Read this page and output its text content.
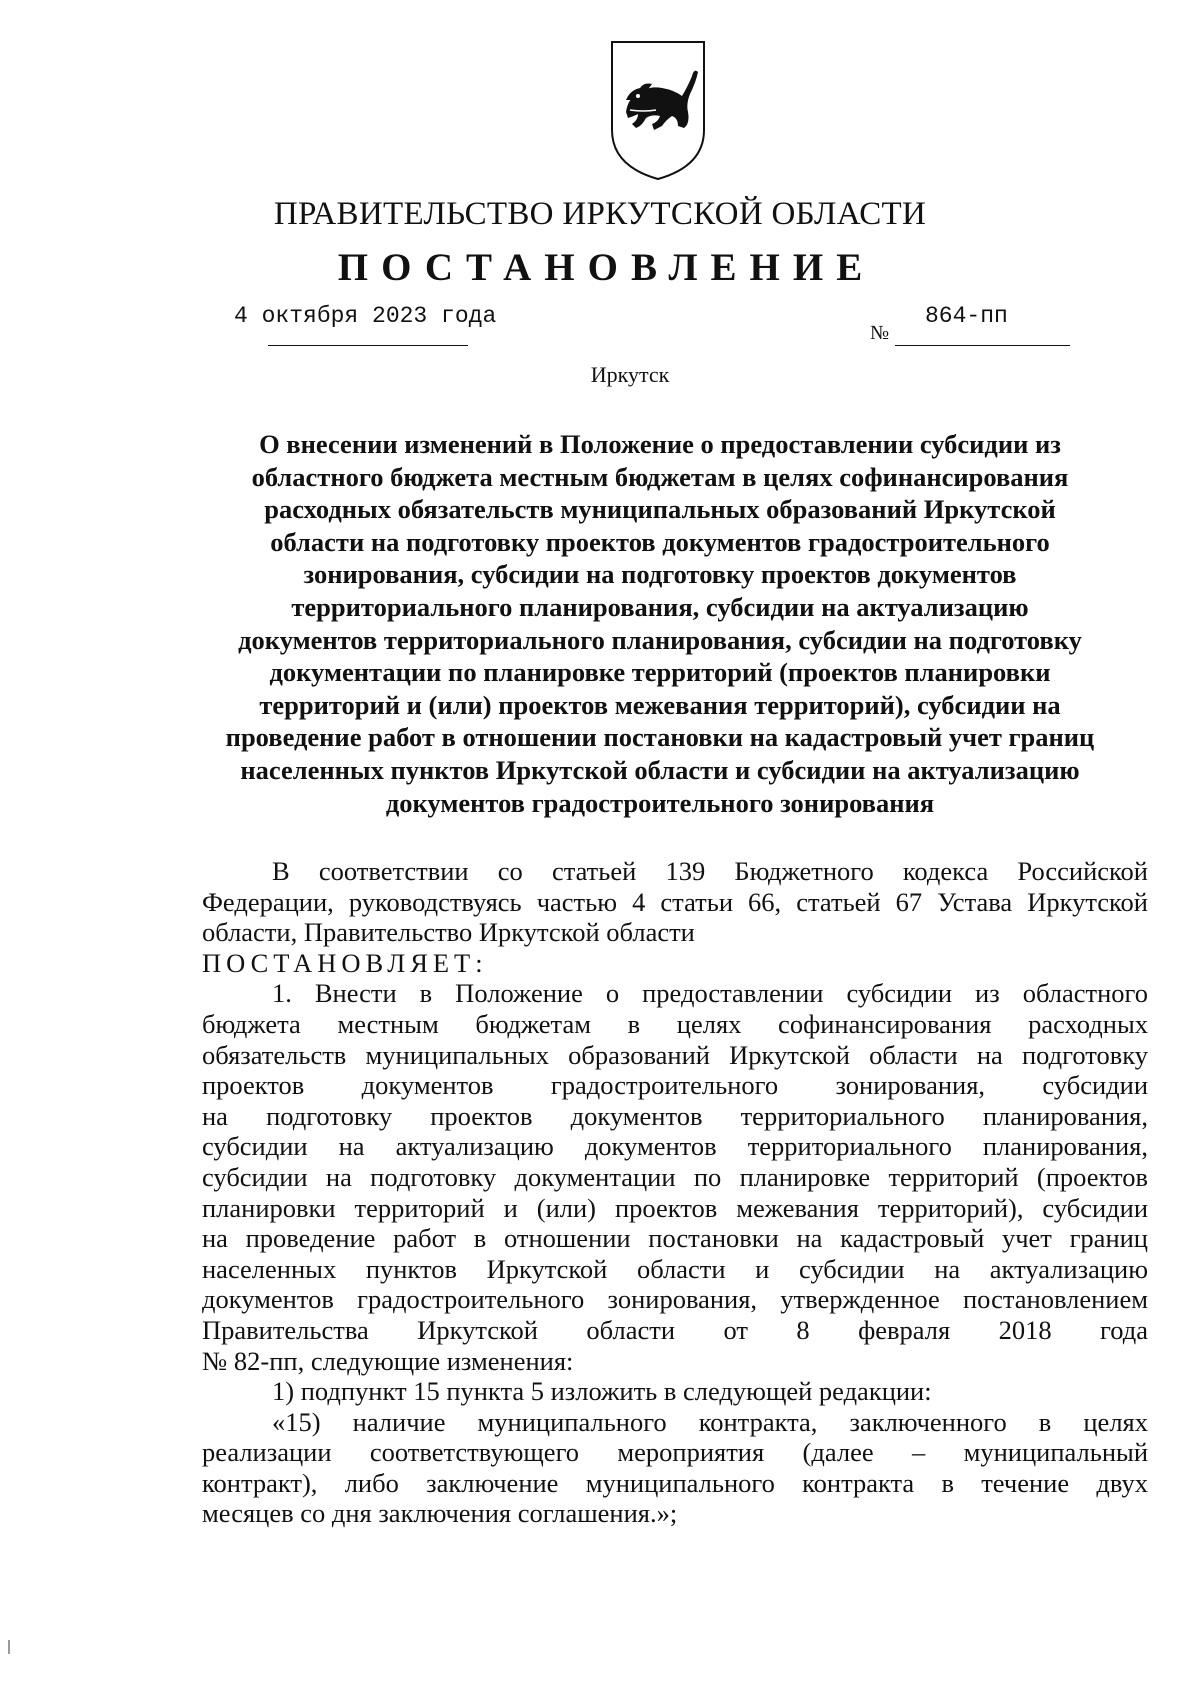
ПРАВИТЕЛЬСТВО ИРКУТСКОЙ ОБЛАСТИ
ПОСТАНОВЛЕНИЕ
4 октября 2023 года
№
864-пп
Иркутск
О внесении изменений в Положение о предоставлении субсидии из
областного бюджета местным бюджетам в целях софинансирования
расходных обязательств муниципальных образований Иркутской
области на подготовку проектов документов градостроительного
зонирования, субсидии на подготовку проектов документов
территориального планирования, субсидии на актуализацию
документов территориального планирования, субсидии на подготовку
документации по планировке территорий (проектов планировки
территорий и (или) проектов межевания территорий), субсидии на
проведение работ в отношении постановки на кадастровый учет границ
населенных пунктов Иркутской области и субсидии на актуализацию
документов градостроительного зонирования

В соответствии со статьей 139 Бюджетного кодекса Российской
Федерации, руководствуясь частью 4 статьи 66, статьей 67 Устава Иркутской
области, Правительство Иркутской области

ПОСТАНОВЛЯЕТ:

1. Внести в Положение о предоставлении субсидии из областного
бюджета местным бюджетам в целях софинансирования расходных
обязательств муниципальных образований Иркутской области на подготовку
проектов документов градостроительного зонирования, субсидии
на подготовку проектов документов территориального планирования,
субсидии на актуализацию документов территориального планирования,
субсидии на подготовку документации по планировке территорий (проектов
планировки территорий и (или) проектов межевания территорий), субсидии
на проведение работ в отношении постановки на кадастровый учет границ
населенных пунктов Иркутской области и субсидии на актуализацию
документов градостроительного зонирования, утвержденное постановлением
Правительства Иркутской области от 8 февраля 2018 года
№ 82-пп, следующие изменения:

1) подпункт 15 пункта 5 изложить в следующей редакции:

«15) наличие муниципального контракта, заключенного в целях
реализации соответствующего мероприятия (далее – муниципальный
контракт), либо заключение муниципального контракта в течение двух
месяцев со дня заключения соглашения.»;
